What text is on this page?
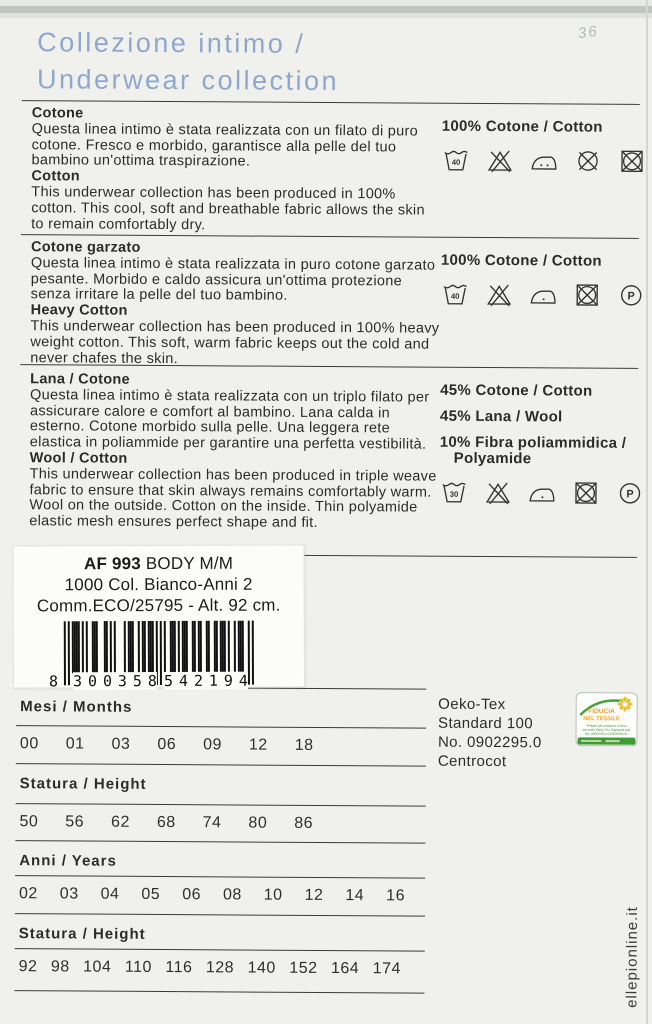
36
Collezione intimo /
Underwear collection
Cotone
Questa linea intimo è stata realizzata con un filato di puro cotone. Fresco e morbido, garantisce alla pelle del tuo bambino un'ottima traspirazione.
Cotton
This underwear collection has been produced in 100% cotton. This cool, soft and breathable fabric allows the skin to remain comfortably dry.
100% Cotone / Cotton
Cotone garzato
Questa linea intimo è stata realizzata in puro cotone garzato pesante. Morbido e caldo assicura un'ottima protezione senza irritare la pelle del tuo bambino.
Heavy Cotton
This underwear collection has been produced in 100% heavy weight cotton. This soft, warm fabric keeps out the cold and never chafes the skin.
100% Cotone / Cotton
Lana / Cotone
Questa linea intimo è stata realizzata con un triplo filato per assicurare calore e comfort al bambino. Lana calda in esterno. Cotone morbido sulla pelle. Una leggera rete elastica in poliammide per garantire una perfetta vestibilità.
Wool / Cotton
This underwear collection has been produced in triple weave fabric to ensure that skin always remains comfortably warm. Wool on the outside. Cotton on the inside. Thin polyamide elastic mesh ensures perfect shape and fit.
45% Cotone / Cotton
45% Lana / Wool
10% Fibra poliammidica /
Polyamide
AF 993 BODY M/M
1000 Col. Bianco-Anni 2
Comm.ECO/25795 - Alt. 92 cm.
8 3 0 0 3 5 8 5 4 2 1 9 4
Mesi / Months
00 01 03 06 09 12 18
Statura / Height
50 56 62 68 74 80 86
Anni / Years
02 03 04 05 06 08 10 12 14 16
Statura / Height
92 98 104 110 116 128 140 152 164 174
Oeko-Tex
Standard 100
No. 0902295.0
Centrocot
FIDUCIA
NEL TESSILE
Testato per sostanze nocive
secondo Oeko-Tex Standard 100
No. 0902295.0 CENTROCOT
ellepionline.it
